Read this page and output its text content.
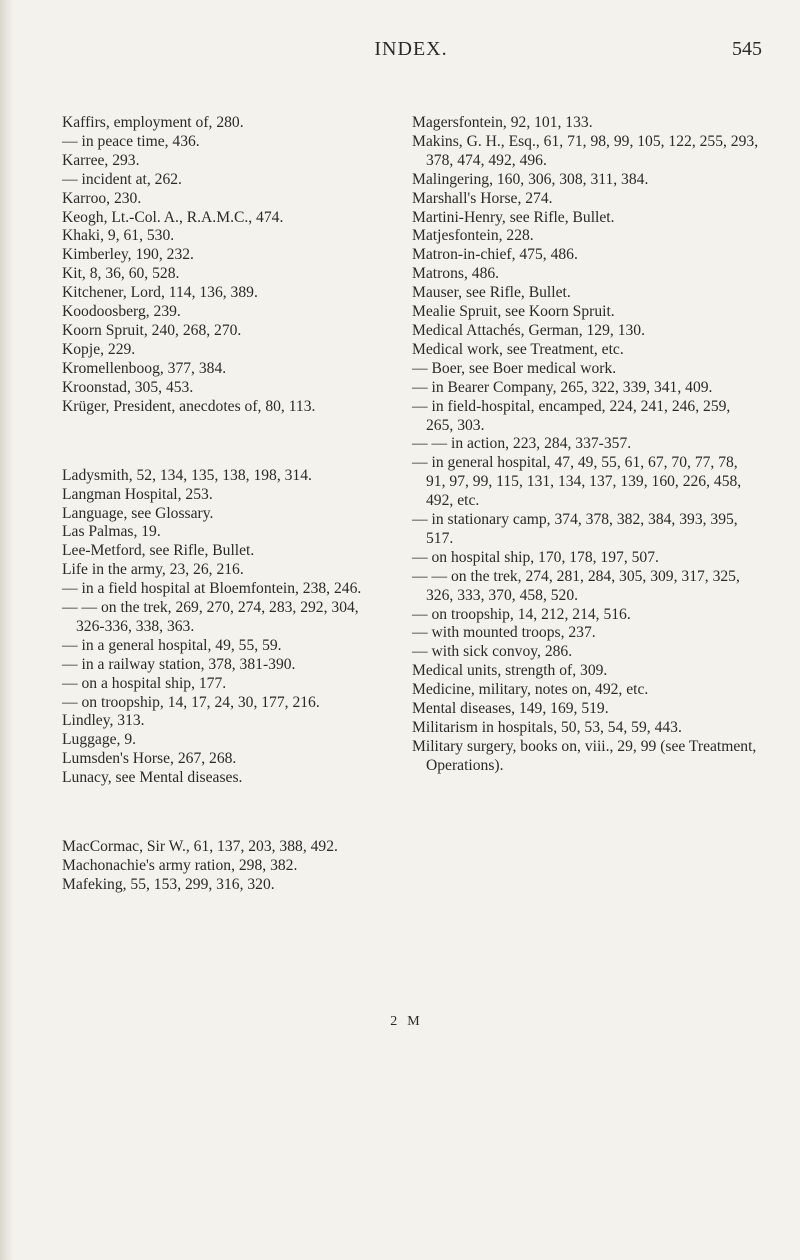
INDEX.	545

Kaffirs, employment of, 280.

— in peace time, 436.

Karree, 293.

— incident at, 262.

Karroo, 230.

Keogh, Lt.-Col. A., R.A.M.C., 474.

Khaki, 9, 61, 530.

Kimberley, 190, 232.

Kit, 8, 36, 60, 528.

Kitchener, Lord, 114, 136, 389.

Koodoosberg, 239.

Koorn Spruit, 240, 268, 270.

Kopje, 229.

Kromellenboog, 377, 384.

Kroonstad, 305, 453.

Krüger, President, anecdotes of, 80, 113.

Ladysmith, 52, 134, 135, 138, 198, 314.

Langman Hospital, 253.

Language, see Glossary.

Las Palmas, 19.

Lee-Metford, see Rifle, Bullet.

Life in the army, 23, 26, 216.

— in a field hospital at Bloemfontein, 238, 246.

— — on the trek, 269, 270, 274, 283, 292, 304, 326-336, 338, 363.

— in a general hospital, 49, 55, 59.

— in a railway station, 378, 381-390.

— on a hospital ship, 177.

— on troopship, 14, 17, 24, 30, 177, 216.

Lindley, 313.

Luggage, 9.

Lumsden's Horse, 267, 268.

Lunacy, see Mental diseases.

MacCormac, Sir W., 61, 137, 203, 388, 492.

Machonachie's army ration, 298, 382.

Mafeking, 55, 153, 299, 316, 320.

Magersfontein, 92, 101, 133.

Makins, G. H., Esq., 61, 71, 98, 99, 105, 122, 255, 293, 378, 474, 492, 496.

Malingering, 160, 306, 308, 311, 384.

Marshall's Horse, 274.

Martini-Henry, see Rifle, Bullet.

Matjesfontein, 228.

Matron-in-chief, 475, 486.

Matrons, 486.

Mauser, see Rifle, Bullet.

Mealie Spruit, see Koorn Spruit.

Medical Attachés, German, 129, 130.

Medical work, see Treatment, etc.

— Boer, see Boer medical work.

— in Bearer Company, 265, 322, 339, 341, 409.

— in field-hospital, encamped, 224, 241, 246, 259, 265, 303.

— — in action, 223, 284, 337-357.

— in general hospital, 47, 49, 55, 61, 67, 70, 77, 78, 91, 97, 99, 115, 131, 134, 137, 139, 160, 226, 458, 492, etc.

— in stationary camp, 374, 378, 382, 384, 393, 395, 517.

— on hospital ship, 170, 178, 197, 507.

— — on the trek, 274, 281, 284, 305, 309, 317, 325, 326, 333, 370, 458, 520.

— on troopship, 14, 212, 214, 516.

— with mounted troops, 237.

— with sick convoy, 286.

Medical units, strength of, 309.

Medicine, military, notes on, 492, etc.

Mental diseases, 149, 169, 519.

Militarism in hospitals, 50, 53, 54, 59, 443.

Military surgery, books on, viii., 29, 99 (see Treatment, Operations).

2 M
